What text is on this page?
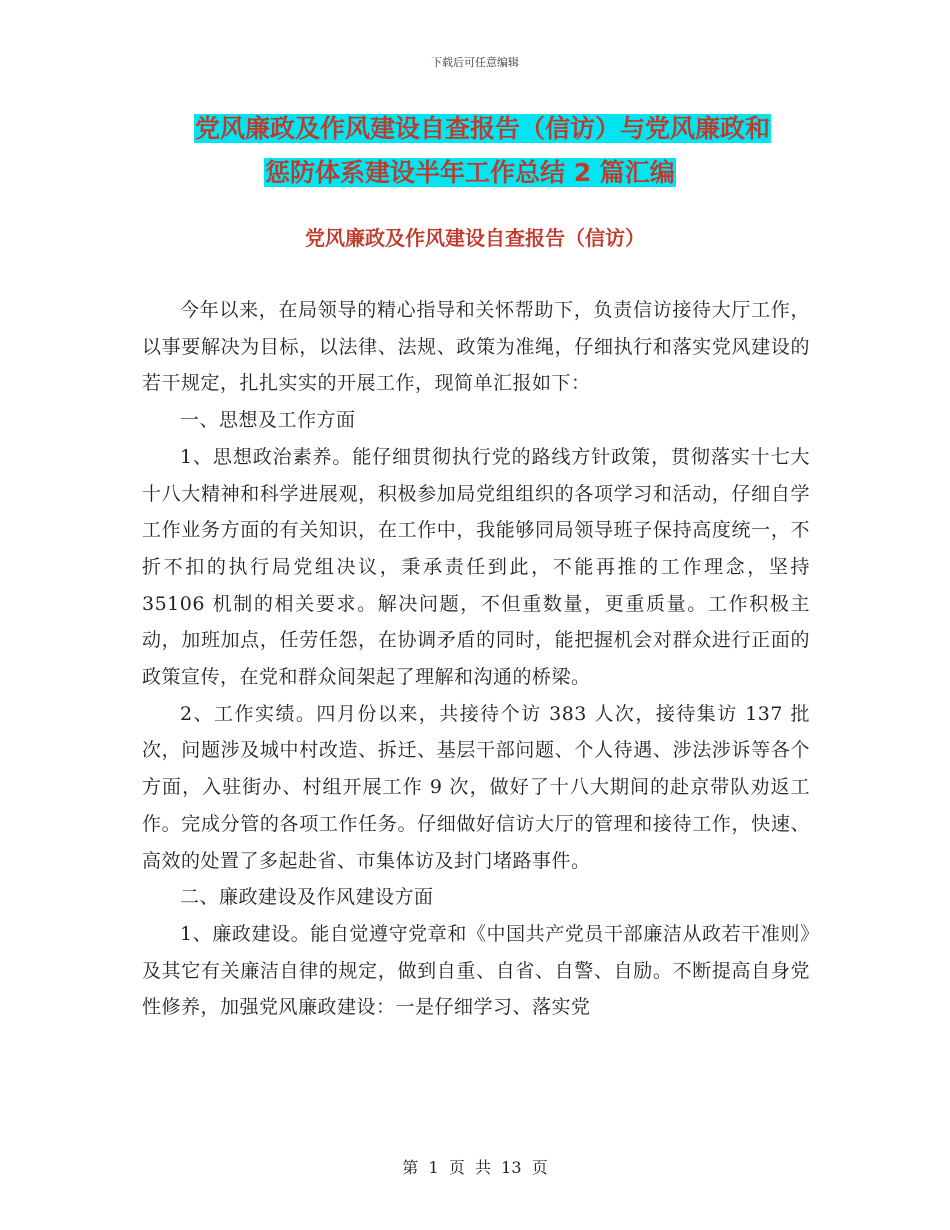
下载后可任意编辑
党风廉政及作风建设自查报告（信访）与党风廉政和
惩防体系建设半年工作总结 2 篇汇编
党风廉政及作风建设自查报告（信访）

今年以来，在局领导的精心指导和关怀帮助下，负责信访接待大厅工作，以事要解决为目标，以法律、法规、政策为准绳，仔细执行和落实党风建设的若干规定，扎扎实实的开展工作，现简单汇报如下：

一、思想及工作方面

1、思想政治素养。能仔细贯彻执行党的路线方针政策，贯彻落实十七大十八大精神和科学进展观，积极参加局党组组织的各项学习和活动，仔细自学工作业务方面的有关知识，在工作中，我能够同局领导班子保持高度统一，不折不扣的执行局党组决议，秉承责任到此，不能再推的工作理念，坚持 35106 机制的相关要求。解决问题，不但重数量，更重质量。工作积极主动，加班加点，任劳任怨，在协调矛盾的同时，能把握机会对群众进行正面的政策宣传，在党和群众间架起了理解和沟通的桥梁。

2、工作实绩。四月份以来，共接待个访 383 人次，接待集访 137 批次，问题涉及城中村改造、拆迁、基层干部问题、个人待遇、涉法涉诉等各个方面，入驻街办、村组开展工作 9 次，做好了十八大期间的赴京带队劝返工作。完成分管的各项工作任务。仔细做好信访大厅的管理和接待工作，快速、高效的处置了多起赴省、市集体访及封门堵路事件。

二、廉政建设及作风建设方面

1、廉政建设。能自觉遵守党章和《中国共产党员干部廉洁从政若干准则》及其它有关廉洁自律的规定，做到自重、自省、自警、自励。不断提高自身党性修养，加强党风廉政建设：一是仔细学习、落实党

第  1  页  共  13  页
